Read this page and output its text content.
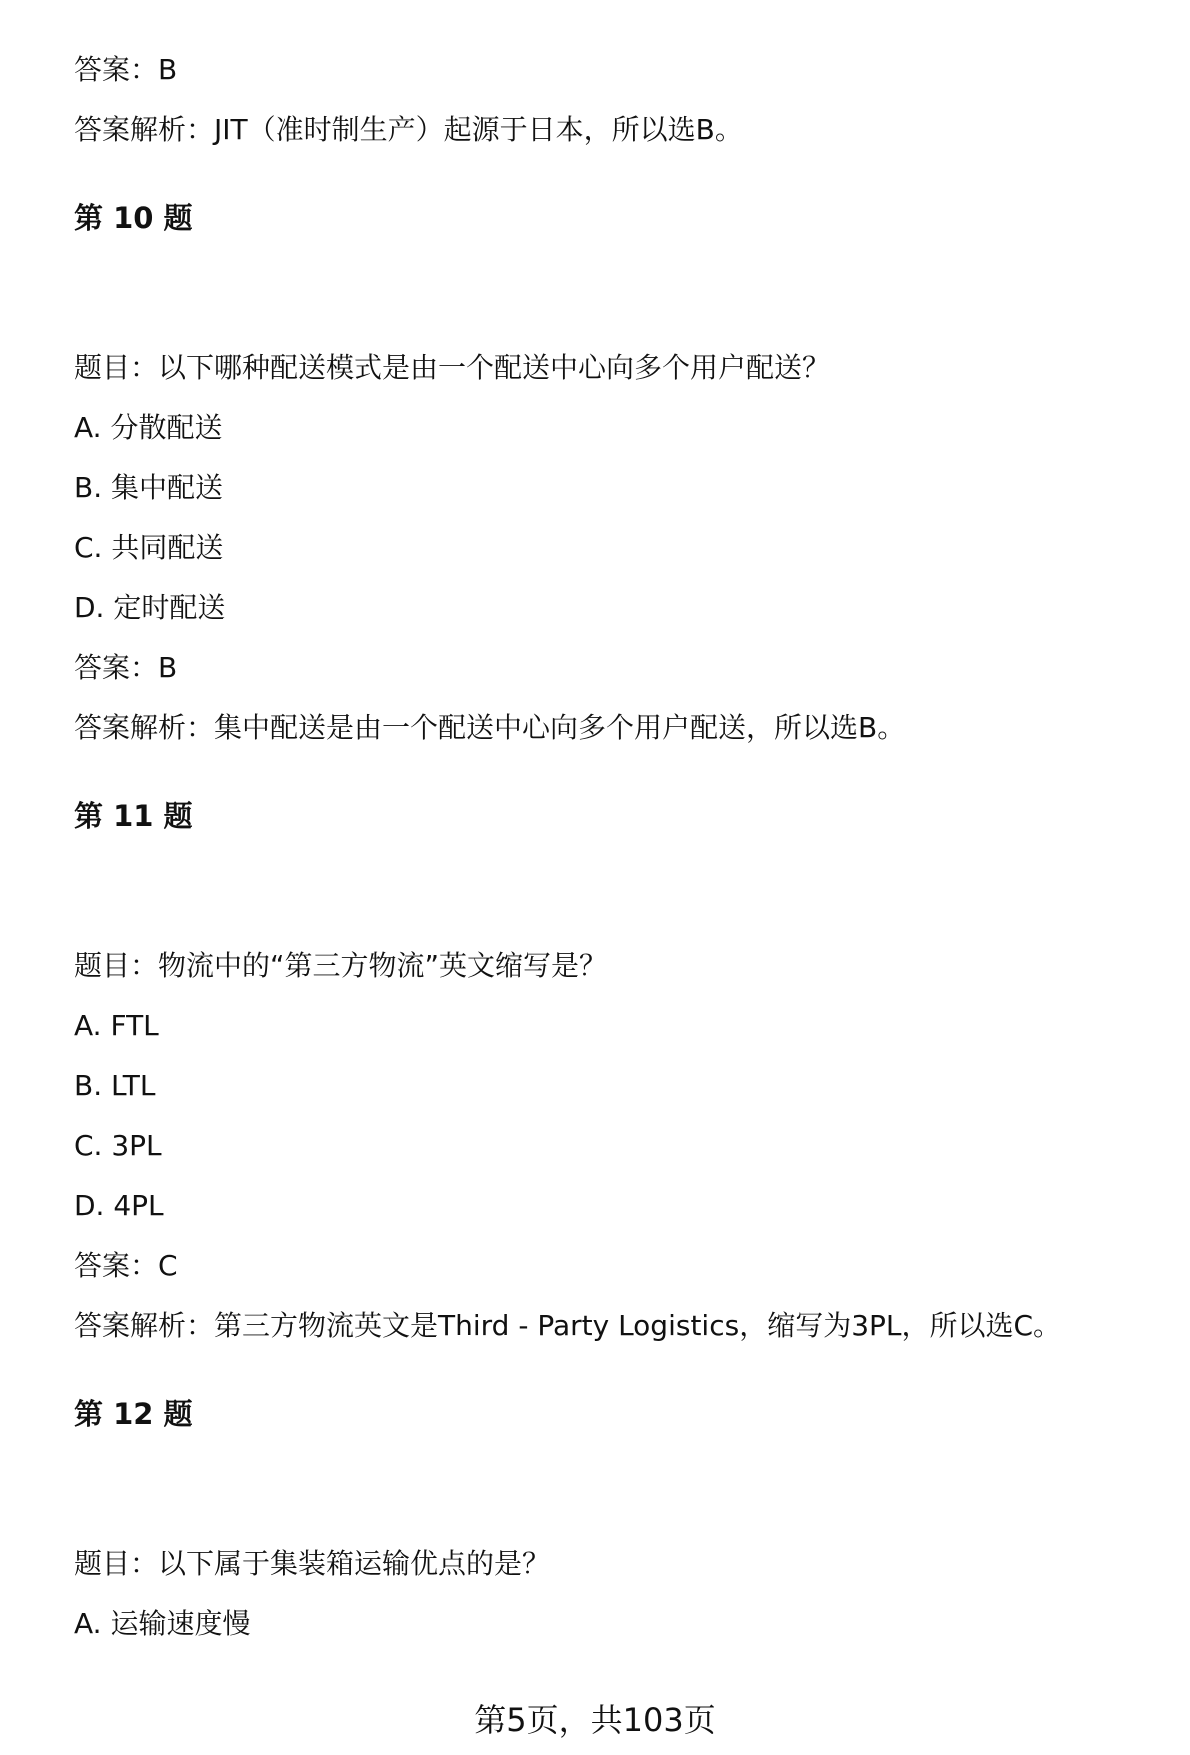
答案：B
答案解析：JIT（准时制生产）起源于日本，所以选B。
第 10 题
题目：以下哪种配送模式是由一个配送中心向多个用户配送？
A. 分散配送
B. 集中配送
C. 共同配送
D. 定时配送
答案：B
答案解析：集中配送是由一个配送中心向多个用户配送，所以选B。
第 11 题
题目：物流中的“第三方物流”英文缩写是？
A. FTL
B. LTL
C. 3PL
D. 4PL
答案：C
答案解析：第三方物流英文是Third - Party Logistics，缩写为3PL，所以选C。
第 12 题
题目：以下属于集装箱运输优点的是？
A. 运输速度慢
第5页，共103页
